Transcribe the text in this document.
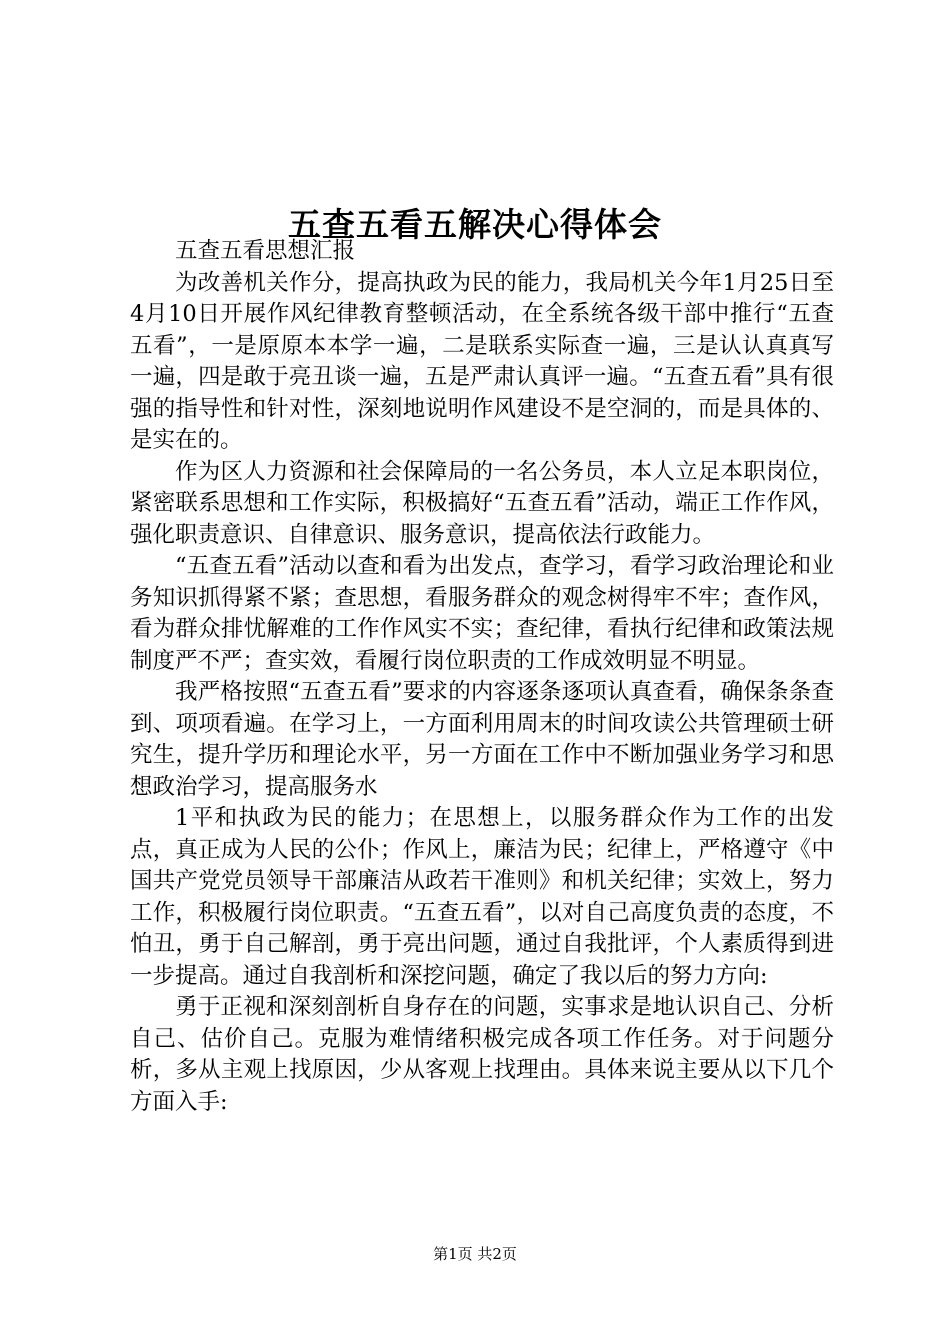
五查五看五解决心得体会

五查五看思想汇报

为改善机关作分，提高执政为民的能力，我局机关今年1月25日至4月10日开展作风纪律教育整顿活动，在全系统各级干部中推行“五查五看”，一是原原本本学一遍，二是联系实际查一遍，三是认认真真写一遍，四是敢于亮丑谈一遍，五是严肃认真评一遍。“五查五看”具有很强的指导性和针对性，深刻地说明作风建设不是空洞的，而是具体的、是实在的。

作为区人力资源和社会保障局的一名公务员，本人立足本职岗位，紧密联系思想和工作实际，积极搞好“五查五看”活动，端正工作作风，强化职责意识、自律意识、服务意识，提高依法行政能力。

“五查五看”活动以查和看为出发点，查学习，看学习政治理论和业务知识抓得紧不紧；查思想，看服务群众的观念树得牢不牢；查作风，看为群众排忧解难的工作作风实不实；查纪律，看执行纪律和政策法规制度严不严；查实效，看履行岗位职责的工作成效明显不明显。

我严格按照“五查五看”要求的内容逐条逐项认真查看，确保条条查到、项项看遍。在学习上，一方面利用周末的时间攻读公共管理硕士研究生，提升学历和理论水平，另一方面在工作中不断加强业务学习和思想政治学习，提高服务水

1平和执政为民的能力；在思想上，以服务群众作为工作的出发点，真正成为人民的公仆；作风上，廉洁为民；纪律上，严格遵守《中国共产党党员领导干部廉洁从政若干准则》和机关纪律；实效上，努力工作，积极履行岗位职责。“五查五看”，以对自己高度负责的态度，不怕丑，勇于自己解剖，勇于亮出问题，通过自我批评，个人素质得到进一步提高。通过自我剖析和深挖问题，确定了我以后的努力方向:

勇于正视和深刻剖析自身存在的问题，实事求是地认识自己、分析自己、估价自己。克服为难情绪积极完成各项工作任务。对于问题分析，多从主观上找原因，少从客观上找理由。具体来说主要从以下几个方面入手:

第1页 共2页
